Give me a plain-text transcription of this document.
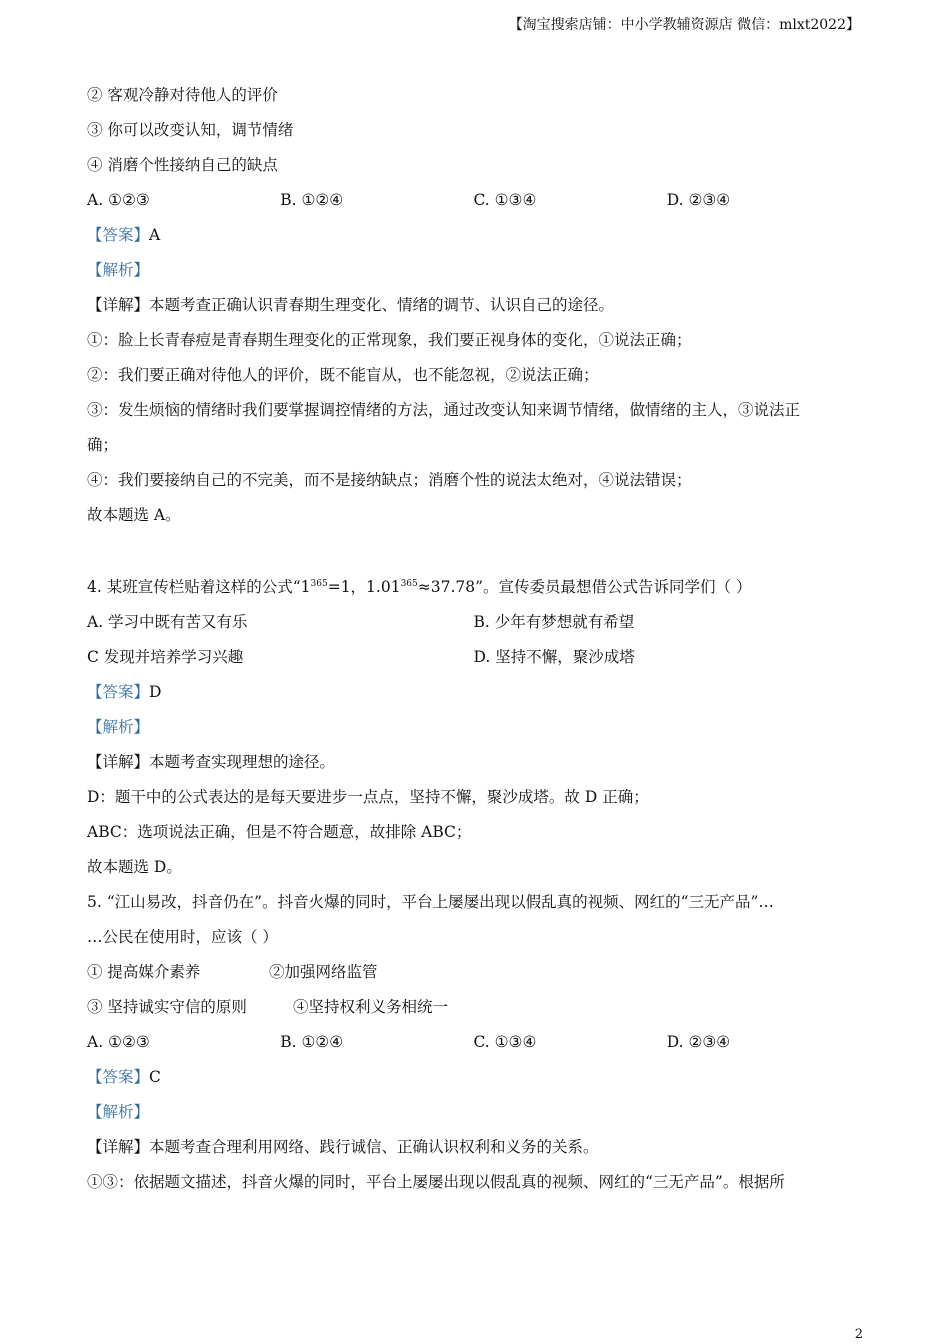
【淘宝搜索店铺：中小学教辅资源店 微信：mlxt2022】
② 客观冷静对待他人的评价
③ 你可以改变认知，调节情绪
④ 消磨个性接纳自己的缺点
A. ①②③	B. ①②④	C. ①③④	D. ②③④
【答案】A
【解析】
【详解】本题考查正确认识青春期生理变化、情绪的调节、认识自己的途径。
①：脸上长青春痘是青春期生理变化的正常现象，我们要正视身体的变化，①说法正确；
②：我们要正确对待他人的评价，既不能盲从，也不能忽视，②说法正确；
③：发生烦恼的情绪时我们要掌握调控情绪的方法，通过改变认知来调节情绪，做情绪的主人，③说法正
确；
④：我们要接纳自己的不完美，而不是接纳缺点；消磨个性的说法太绝对，④说法错误；
故本题选 A。
4. 某班宣传栏贴着这样的公式“$1^{365}=1$，$1.01^{365}\approx 37.78$”。宣传委员最想借公式告诉同学们（ ）
A. 学习中既有苦又有乐	B. 少年有梦想就有希望
C 发现并培养学习兴趣	D. 坚持不懈，聚沙成塔
【答案】D
【解析】
【详解】本题考查实现理想的途径。
D：题干中的公式表达的是每天要进步一点点，坚持不懈，聚沙成塔。故 D 正确；
ABC：选项说法正确，但是不符合题意，故排除 ABC；
故本题选 D。
5. “江山易改，抖音仍在”。抖音火爆的同时，平台上屡屡出现以假乱真的视频、网红的“三无产品”…
…公民在使用时，应该（ ）
① 提高媒介素养	②加强网络监管
③ 坚持诚实守信的原则	④坚持权利义务相统一
A. ①②③	B. ①②④	C. ①③④	D. ②③④
【答案】C
【解析】
【详解】本题考查合理利用网络、践行诚信、正确认识权利和义务的关系。
①③：依据题文描述，抖音火爆的同时，平台上屡屡出现以假乱真的视频、网红的“三无产品”。根据所
2
